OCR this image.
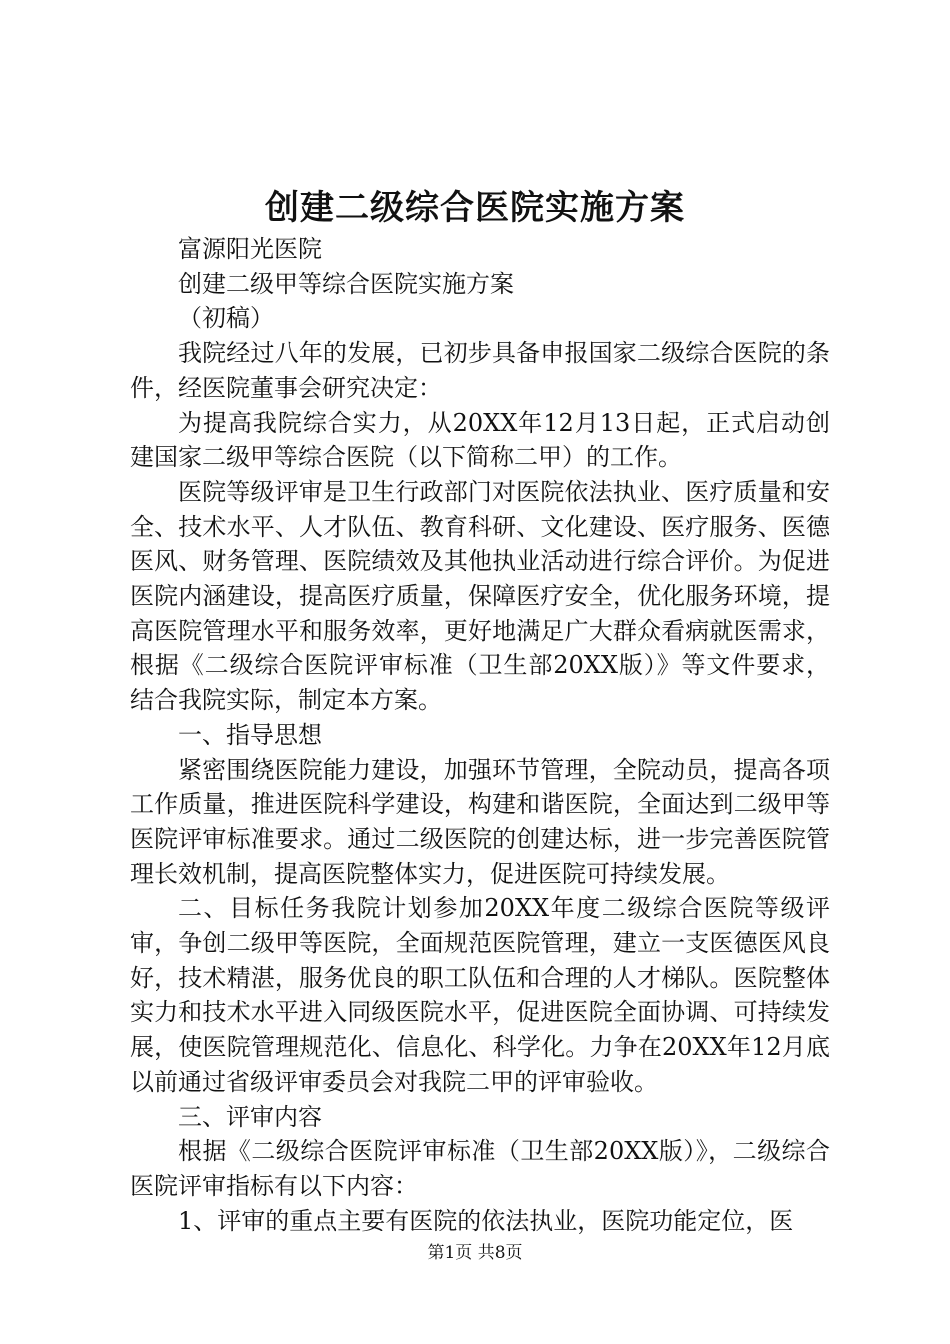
创建二级综合医院实施方案

富源阳光医院

创建二级甲等综合医院实施方案

（初稿）

我院经过八年的发展，已初步具备申报国家二级综合医院的条件，经医院董事会研究决定：

为提高我院综合实力，从20XX年12月13日起，正式启动创建国家二级甲等综合医院（以下简称二甲）的工作。

医院等级评审是卫生行政部门对医院依法执业、医疗质量和安全、技术水平、人才队伍、教育科研、文化建设、医疗服务、医德医风、财务管理、医院绩效及其他执业活动进行综合评价。为促进医院内涵建设，提高医疗质量，保障医疗安全，优化服务环境，提高医院管理水平和服务效率，更好地满足广大群众看病就医需求，根据《二级综合医院评审标准（卫生部20XX版）》等文件要求，结合我院实际，制定本方案。

一、指导思想

紧密围绕医院能力建设，加强环节管理，全院动员，提高各项工作质量，推进医院科学建设，构建和谐医院，全面达到二级甲等医院评审标准要求。通过二级医院的创建达标，进一步完善医院管理长效机制，提高医院整体实力，促进医院可持续发展。

二、目标任务我院计划参加20XX年度二级综合医院等级评审，争创二级甲等医院，全面规范医院管理，建立一支医德医风良好，技术精湛，服务优良的职工队伍和合理的人才梯队。医院整体实力和技术水平进入同级医院水平，促进医院全面协调、可持续发展，使医院管理规范化、信息化、科学化。力争在20XX年12月底以前通过省级评审委员会对我院二甲的评审验收。

三、评审内容

根据《二级综合医院评审标准（卫生部20XX版）》，二级综合医院评审指标有以下内容：

1、评审的重点主要有医院的依法执业，医院功能定位，医

第1页 共8页
